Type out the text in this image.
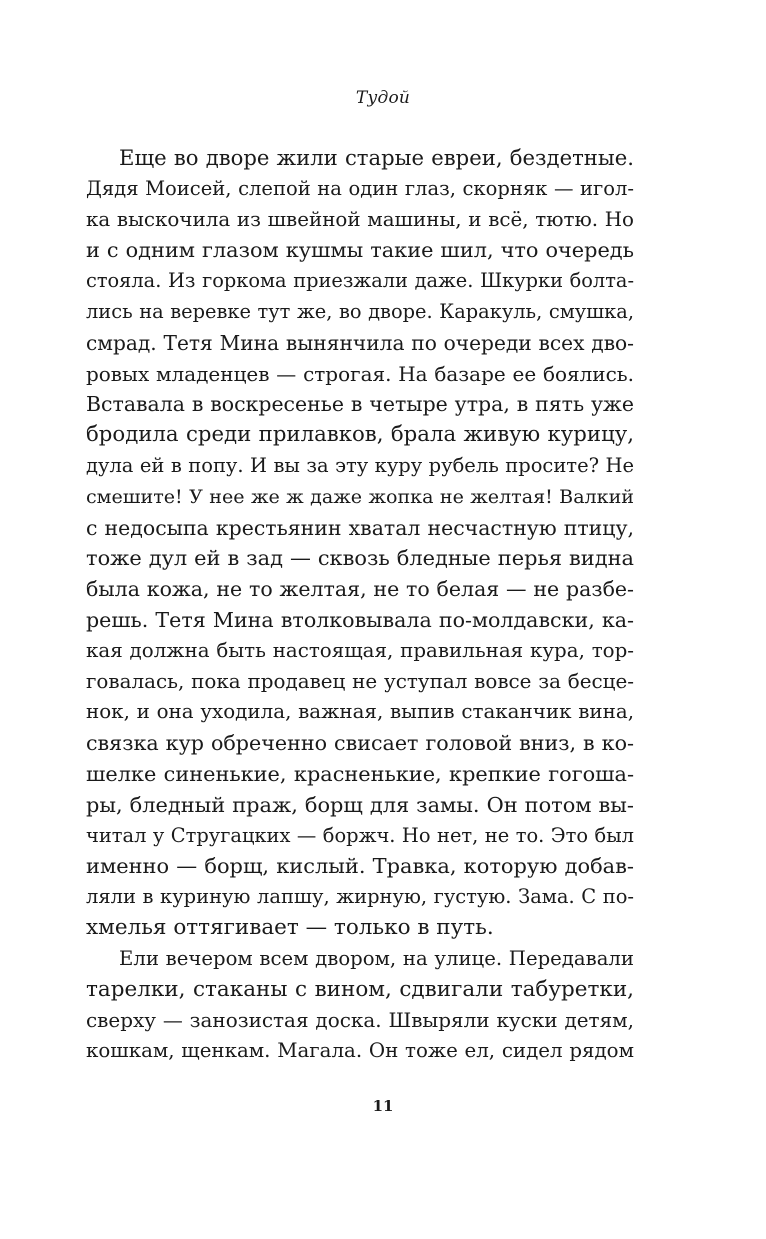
Тудой
Еще во дворе жили старые евреи, бездетные.
Дядя Моисей, слепой на один глаз, скорняк — игол-
ка выскочила из швейной машины, и всё, тютю. Но
и с одним глазом кушмы такие шил, что очередь
стояла. Из горкома приезжали даже. Шкурки болта-
лись на веревке тут же, во дворе. Каракуль, смушка,
смрад. Тетя Мина вынянчила по очереди всех дво-
ровых младенцев — строгая. На базаре ее боялись.
Вставала в воскресенье в четыре утра, в пять уже
бродила среди прилавков, брала живую курицу,
дула ей в попу. И вы за эту куру рубель просите? Не
смешите! У нее же ж даже жопка не желтая! Валкий
с недосыпа крестьянин хватал несчастную птицу,
тоже дул ей в зад — сквозь бледные перья видна
была кожа, не то желтая, не то белая — не разбе-
решь. Тетя Мина втолковывала по-молдавски, ка-
кая должна быть настоящая, правильная кура, тор-
говалась, пока продавец не уступал вовсе за бесце-
нок, и она уходила, важная, выпив стаканчик вина,
связка кур обреченно свисает головой вниз, в ко-
шелке синенькие, красненькие, крепкие гогоша-
ры, бледный праж, борщ для замы. Он потом вы-
читал у Стругацких — боржч. Но нет, не то. Это был
именно — борщ, кислый. Травка, которую добав-
ляли в куриную лапшу, жирную, густую. Зама. С по-
хмелья оттягивает — только в путь.
Ели вечером всем двором, на улице. Передавали
тарелки, стаканы с вином, сдвигали табуретки,
сверху — занозистая доска. Швыряли куски детям,
кошкам, щенкам. Магала. Он тоже ел, сидел рядом
11
